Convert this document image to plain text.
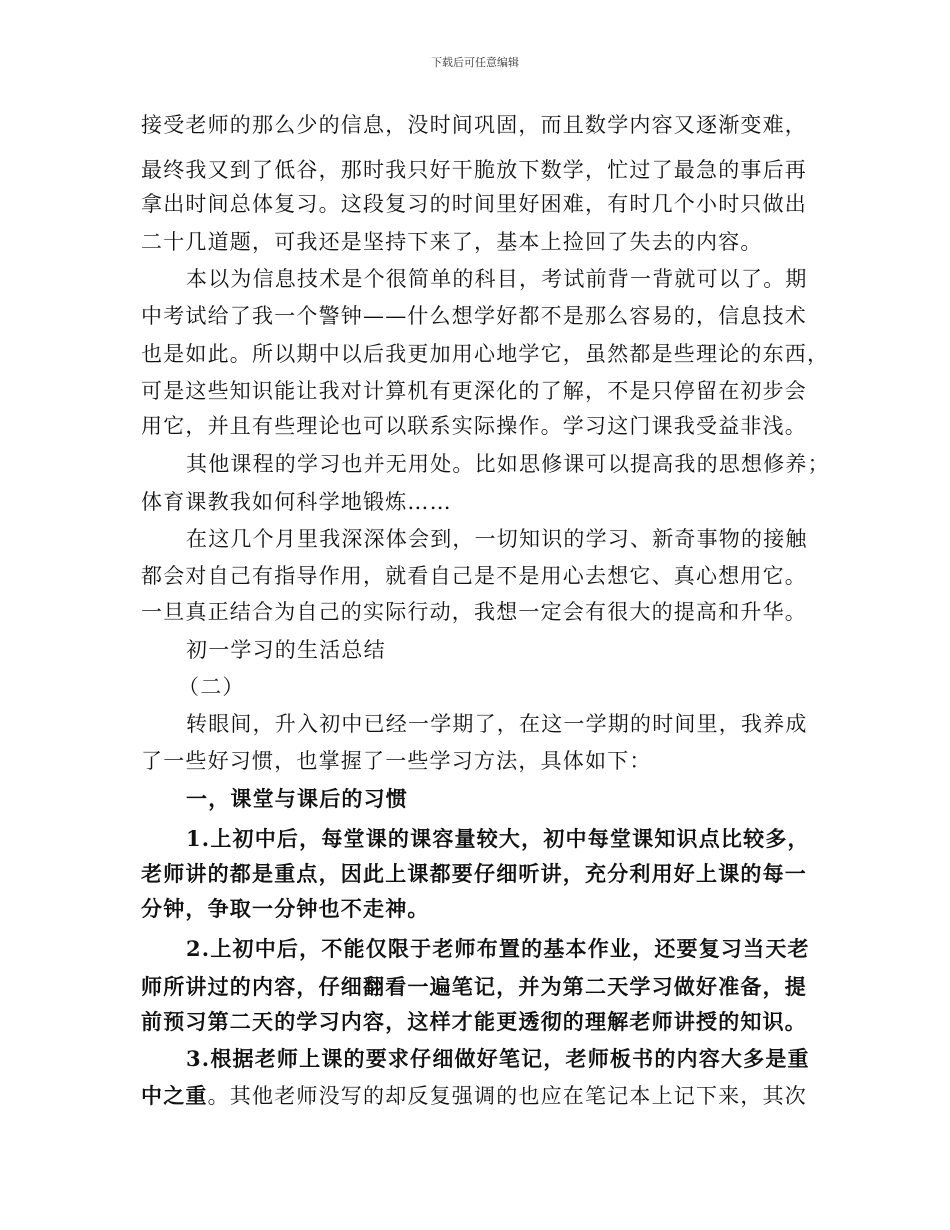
下载后可任意编辑
接受老师的那么少的信息，没时间巩固，而且数学内容又逐渐变难，
最终我又到了低谷，那时我只好干脆放下数学，忙过了最急的事后再
拿出时间总体复习。这段复习的时间里好困难，有时几个小时只做出
二十几道题，可我还是坚持下来了，基本上捡回了失去的内容。
本以为信息技术是个很简单的科目，考试前背一背就可以了。期
中考试给了我一个警钟——什么想学好都不是那么容易的，信息技术
也是如此。所以期中以后我更加用心地学它，虽然都是些理论的东西，
可是这些知识能让我对计算机有更深化的了解，不是只停留在初步会
用它，并且有些理论也可以联系实际操作。学习这门课我受益非浅。
其他课程的学习也并无用处。比如思修课可以提高我的思想修养；
体育课教我如何科学地锻炼……
在这几个月里我深深体会到，一切知识的学习、新奇事物的接触
都会对自己有指导作用，就看自己是不是用心去想它、真心想用它。
一旦真正结合为自己的实际行动，我想一定会有很大的提高和升华。
初一学习的生活总结
（二）
转眼间，升入初中已经一学期了，在这一学期的时间里，我养成
了一些好习惯，也掌握了一些学习方法，具体如下：
一，课堂与课后的习惯
1.上初中后，每堂课的课容量较大，初中每堂课知识点比较多，
老师讲的都是重点，因此上课都要仔细听讲，充分利用好上课的每一
分钟，争取一分钟也不走神。
2.上初中后，不能仅限于老师布置的基本作业，还要复习当天老
师所讲过的内容，仔细翻看一遍笔记，并为第二天学习做好准备，提
前预习第二天的学习内容，这样才能更透彻的理解老师讲授的知识。
3.根据老师上课的要求仔细做好笔记，老师板书的内容大多是重
中之重。其他老师没写的却反复强调的也应在笔记本上记下来，其次
